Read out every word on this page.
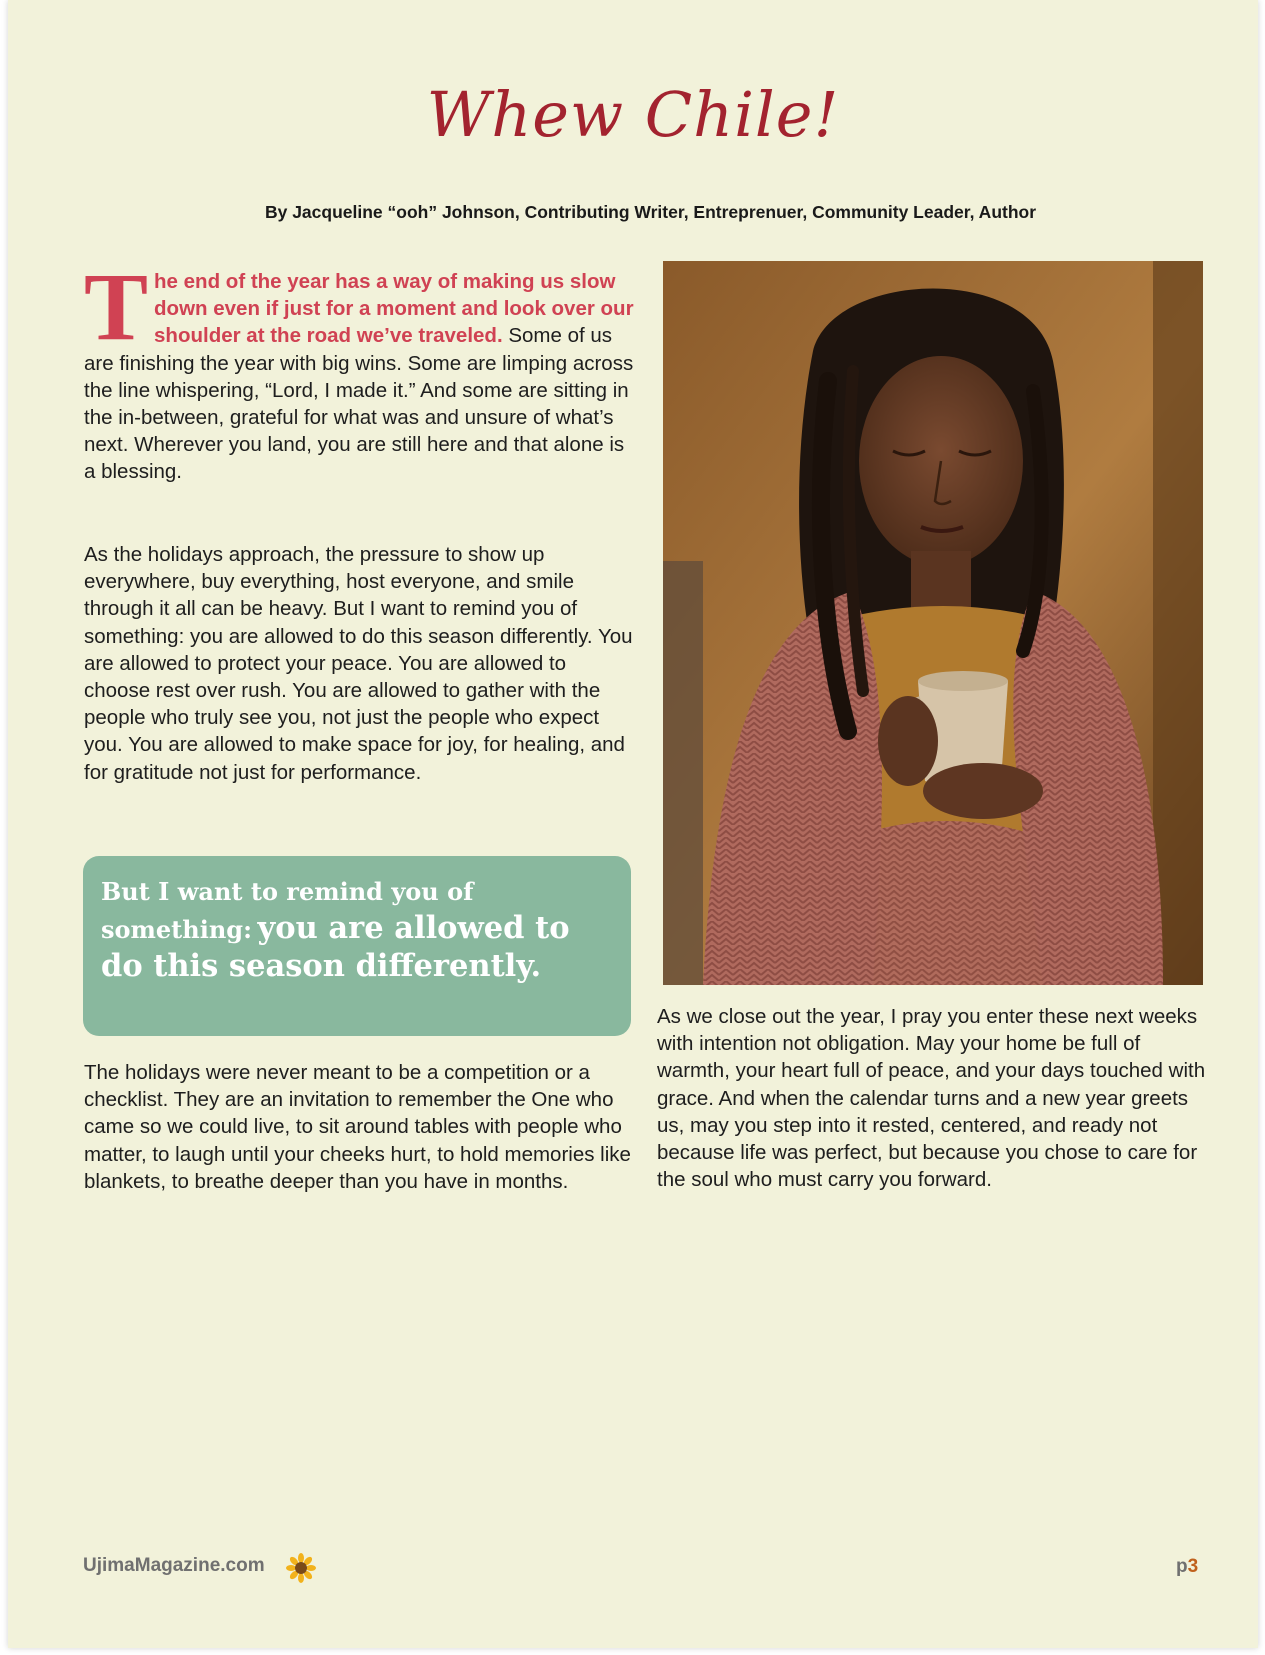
Whew Chile!
By Jacqueline “ooh” Johnson, Contributing Writer, Entreprenuer, Community Leader, Author

The end of the year has a way of making us slow down even if just for a moment and look over our shoulder at the road we’ve traveled. Some of us are finishing the year with big wins. Some are limping across the line whispering, “Lord, I made it.” And some are sitting in the in-between, grateful for what was and unsure of what’s next. Wherever you land, you are still here and that alone is a blessing.

As the holidays approach, the pressure to show up everywhere, buy everything, host everyone, and smile through it all can be heavy. But I want to remind you of something: you are allowed to do this season differently. You are allowed to protect your peace. You are allowed to choose rest over rush. You are allowed to gather with the people who truly see you, not just the people who expect you. You are allowed to make space for joy, for healing, and for gratitude not just for performance.

But I want to remind you of something: you are allowed to do this season differently.

The holidays were never meant to be a competition or a checklist. They are an invitation to remember the One who came so we could live, to sit around tables with people who matter, to laugh until your cheeks hurt, to hold memories like blankets, to breathe deeper than you have in months.

As we close out the year, I pray you enter these next weeks with intention not obligation. May your home be full of warmth, your heart full of peace, and your days touched with grace. And when the calendar turns and a new year greets us, may you step into it rested, centered, and ready not because life was perfect, but because you chose to care for the soul who must carry you forward.

UjimaMagazine.com	p3
